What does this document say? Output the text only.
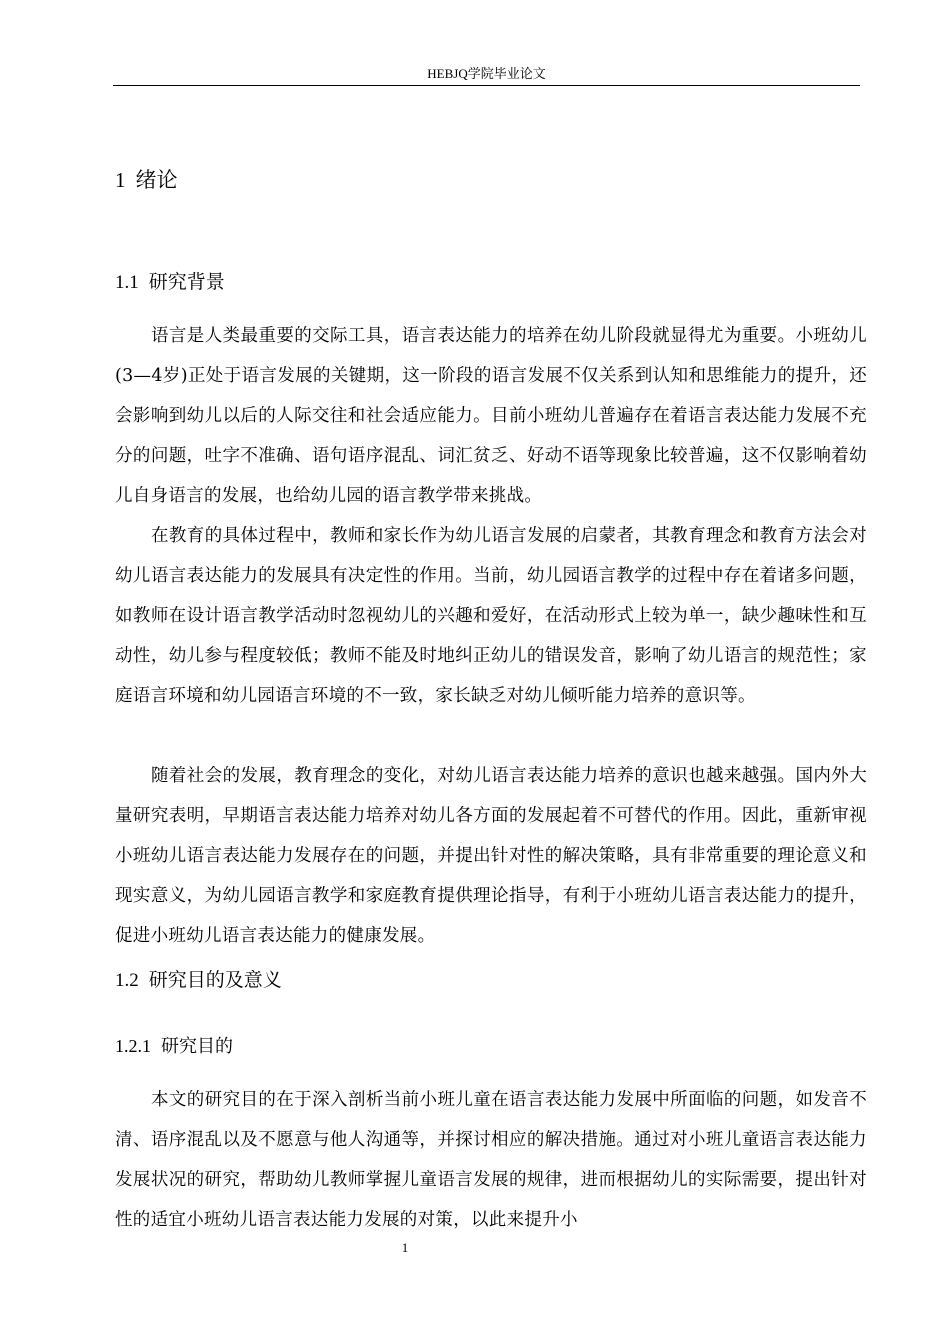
HEBJQ学院毕业论文
1 绪论
1.1 研究背景

语言是人类最重要的交际工具，语言表达能力的培养在幼儿阶段就显得尤为重要。小班幼儿(3—4岁)正处于语言发展的关键期，这一阶段的语言发展不仅关系到认知和思维能力的提升，还会影响到幼儿以后的人际交往和社会适应能力。目前小班幼儿普遍存在着语言表达能力发展不充分的问题，吐字不准确、语句语序混乱、词汇贫乏、好动不语等现象比较普遍，这不仅影响着幼儿自身语言的发展，也给幼儿园的语言教学带来挑战。

在教育的具体过程中，教师和家长作为幼儿语言发展的启蒙者，其教育理念和教育方法会对幼儿语言表达能力的发展具有决定性的作用。当前，幼儿园语言教学的过程中存在着诸多问题，如教师在设计语言教学活动时忽视幼儿的兴趣和爱好，在活动形式上较为单一，缺少趣味性和互动性，幼儿参与程度较低；教师不能及时地纠正幼儿的错误发音，影响了幼儿语言的规范性；家庭语言环境和幼儿园语言环境的不一致，家长缺乏对幼儿倾听能力培养的意识等。

随着社会的发展，教育理念的变化，对幼儿语言表达能力培养的意识也越来越强。国内外大量研究表明，早期语言表达能力培养对幼儿各方面的发展起着不可替代的作用。因此，重新审视小班幼儿语言表达能力发展存在的问题，并提出针对性的解决策略，具有非常重要的理论意义和现实意义，为幼儿园语言教学和家庭教育提供理论指导，有利于小班幼儿语言表达能力的提升，促进小班幼儿语言表达能力的健康发展。

1.2 研究目的及意义
1.2.1 研究目的

本文的研究目的在于深入剖析当前小班儿童在语言表达能力发展中所面临的问题，如发音不清、语序混乱以及不愿意与他人沟通等，并探讨相应的解决措施。通过对小班儿童语言表达能力发展状况的研究，帮助幼儿教师掌握儿童语言发展的规律，进而根据幼儿的实际需要，提出针对性的适宜小班幼儿语言表达能力发展的对策，以此来提升小

1
